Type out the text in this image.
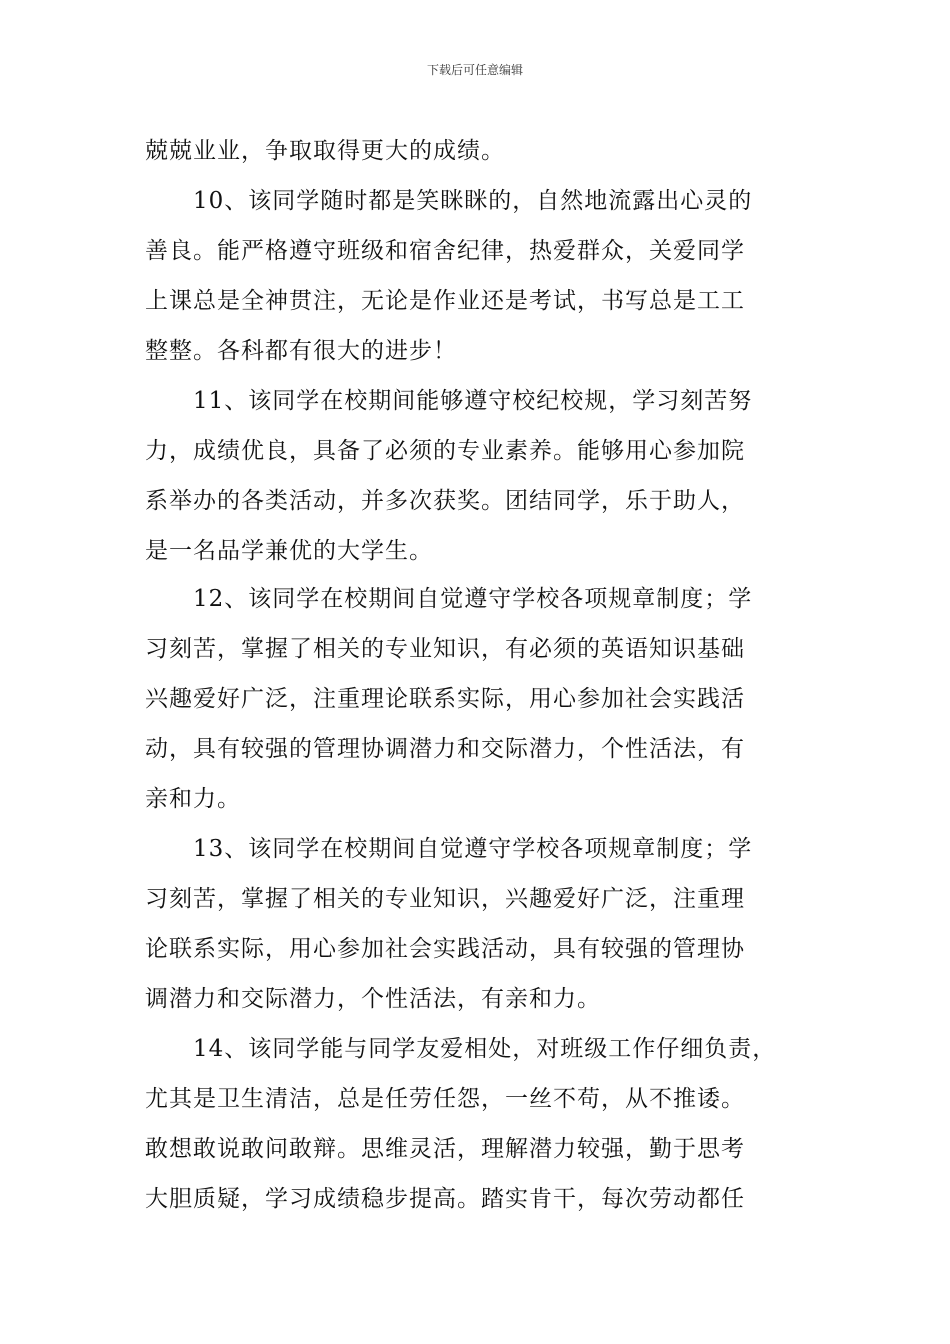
下载后可任意编辑
兢兢业业，争取取得更大的成绩。
10、该同学随时都是笑眯眯的，自然地流露出心灵的
善良。能严格遵守班级和宿舍纪律，热爱群众，关爱同学
上课总是全神贯注，无论是作业还是考试，书写总是工工
整整。各科都有很大的进步！
11、该同学在校期间能够遵守校纪校规，学习刻苦努
力，成绩优良，具备了必须的专业素养。能够用心参加院
系举办的各类活动，并多次获奖。团结同学，乐于助人，
是一名品学兼优的大学生。
12、该同学在校期间自觉遵守学校各项规章制度；学
习刻苦，掌握了相关的专业知识，有必须的英语知识基础
兴趣爱好广泛，注重理论联系实际，用心参加社会实践活
动，具有较强的管理协调潜力和交际潜力，个性活法，有
亲和力。
13、该同学在校期间自觉遵守学校各项规章制度；学
习刻苦，掌握了相关的专业知识，兴趣爱好广泛，注重理
论联系实际，用心参加社会实践活动，具有较强的管理协
调潜力和交际潜力，个性活法，有亲和力。
14、该同学能与同学友爱相处，对班级工作仔细负责，
尤其是卫生清洁，总是任劳任怨，一丝不苟，从不推诿。
敢想敢说敢问敢辩。思维灵活，理解潜力较强，勤于思考
大胆质疑，学习成绩稳步提高。踏实肯干，每次劳动都任
